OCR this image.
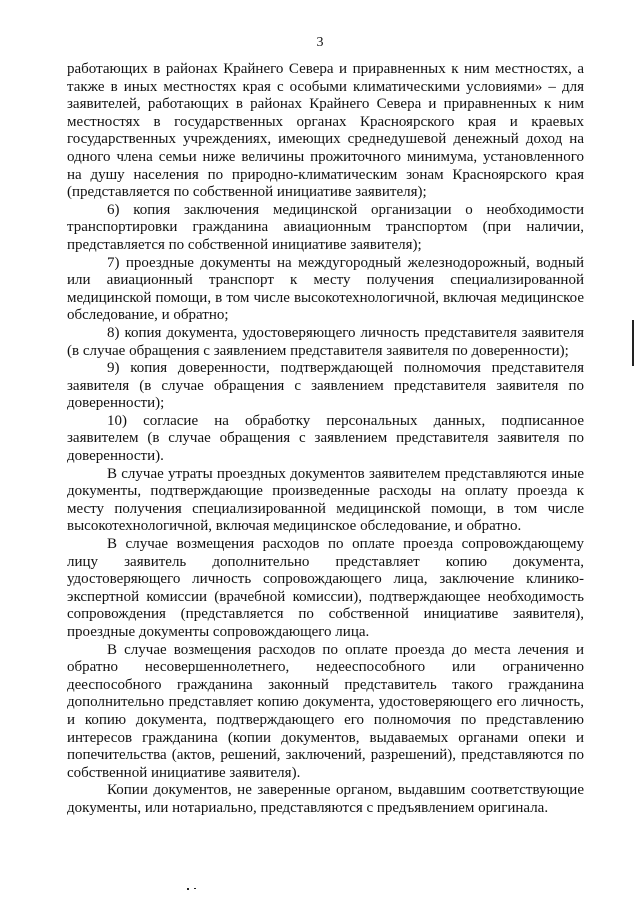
3

работающих в районах Крайнего Севера и приравненных к ним местностях, а также в иных местностях края с особыми климатическими условиями» – для заявителей, работающих в районах Крайнего Севера и приравненных к ним местностях в государственных органах Красноярского края и краевых государственных учреждениях, имеющих среднедушевой денежный доход на одного члена семьи ниже величины прожиточного минимума, установленного на душу населения по природно-климатическим зонам Красноярского края (представляется по собственной инициативе заявителя);

6) копия заключения медицинской организации о необходимости транспортировки гражданина авиационным транспортом (при наличии, представляется по собственной инициативе заявителя);

7) проездные документы на междугородный железнодорожный, водный или авиационный транспорт к месту получения специализированной медицинской помощи, в том числе высокотехнологичной, включая медицинское обследование, и обратно;

8) копия документа, удостоверяющего личность представителя заявителя (в случае обращения с заявлением представителя заявителя по доверенности);

9) копия доверенности, подтверждающей полномочия представителя заявителя (в случае обращения с заявлением представителя заявителя по доверенности);

10) согласие на обработку персональных данных, подписанное заявителем (в случае обращения с заявлением представителя заявителя по доверенности).

В случае утраты проездных документов заявителем представляются иные документы, подтверждающие произведенные расходы на оплату проезда к месту получения специализированной медицинской помощи, в том числе высокотехнологичной, включая медицинское обследование, и обратно.

В случае возмещения расходов по оплате проезда сопровождающему лицу заявитель дополнительно представляет копию документа, удостоверяющего личность сопровождающего лица, заключение клинико-экспертной комиссии (врачебной комиссии), подтверждающее необходимость сопровождения (представляется по собственной инициативе заявителя), проездные документы сопровождающего лица.

В случае возмещения расходов по оплате проезда до места лечения и обратно несовершеннолетнего, недееспособного или ограниченно дееспособного гражданина законный представитель такого гражданина дополнительно представляет копию документа, удостоверяющего его личность, и копию документа, подтверждающего его полномочия по представлению интересов гражданина (копии документов, выдаваемых органами опеки и попечительства (актов, решений, заключений, разрешений), представляются по собственной инициативе заявителя).

Копии документов, не заверенные органом, выдавшим соответствующие документы, или нотариально, представляются с предъявлением оригинала.
